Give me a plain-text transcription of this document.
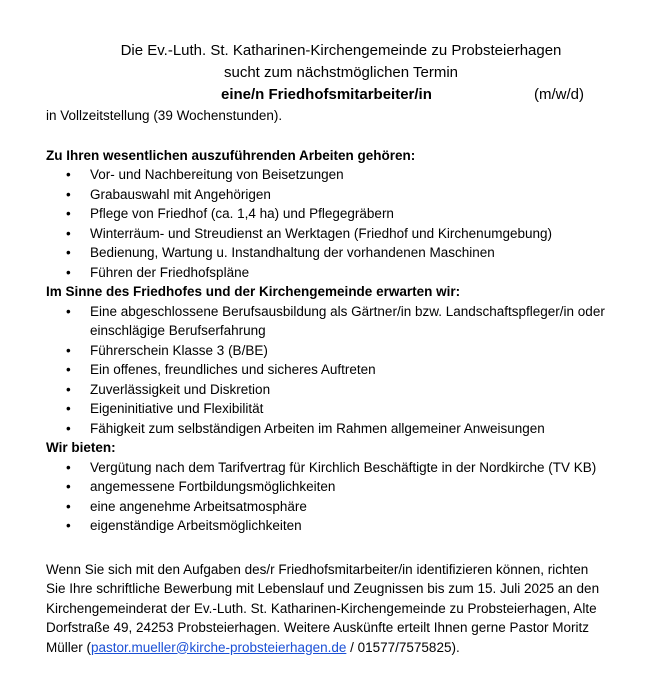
Die Ev.-Luth. St. Katharinen-Kirchengemeinde zu Probsteierhagen
sucht zum nächstmöglichen Termin
eine/n Friedhofsmitarbeiter/in	(m/w/d)
in Vollzeitstellung (39 Wochenstunden).
Zu Ihren wesentlichen auszuführenden Arbeiten gehören:
• Vor- und Nachbereitung von Beisetzungen
• Grabauswahl mit Angehörigen
• Pflege von Friedhof (ca. 1,4 ha) und Pflegegräbern
• Winterräum- und Streudienst an Werktagen (Friedhof und Kirchenumgebung)
• Bedienung, Wartung u. Instandhaltung der vorhandenen Maschinen
• Führen der Friedhofspläne
Im Sinne des Friedhofes und der Kirchengemeinde erwarten wir:
• Eine abgeschlossene Berufsausbildung als Gärtner/in bzw. Landschaftspfleger/in oder einschlägige Berufserfahrung
• Führerschein Klasse 3 (B/BE)
• Ein offenes, freundliches und sicheres Auftreten
• Zuverlässigkeit und Diskretion
• Eigeninitiative und Flexibilität
• Fähigkeit zum selbständigen Arbeiten im Rahmen allgemeiner Anweisungen
Wir bieten:
• Vergütung nach dem Tarifvertrag für Kirchlich Beschäftigte in der Nordkirche (TV KB)
• angemessene Fortbildungsmöglichkeiten
• eine angenehme Arbeitsatmosphäre
• eigenständige Arbeitsmöglichkeiten
Wenn Sie sich mit den Aufgaben des/r Friedhofsmitarbeiter/in identifizieren können, richten
Sie Ihre schriftliche Bewerbung mit Lebenslauf und Zeugnissen bis zum 15. Juli 2025 an den
Kirchengemeinderat der Ev.-Luth. St. Katharinen-Kirchengemeinde zu Probsteierhagen, Alte
Dorfstraße 49, 24253 Probsteierhagen. Weitere Auskünfte erteilt Ihnen gerne Pastor Moritz
Müller (pastor.mueller@kirche-probsteierhagen.de / 01577/7575825).
